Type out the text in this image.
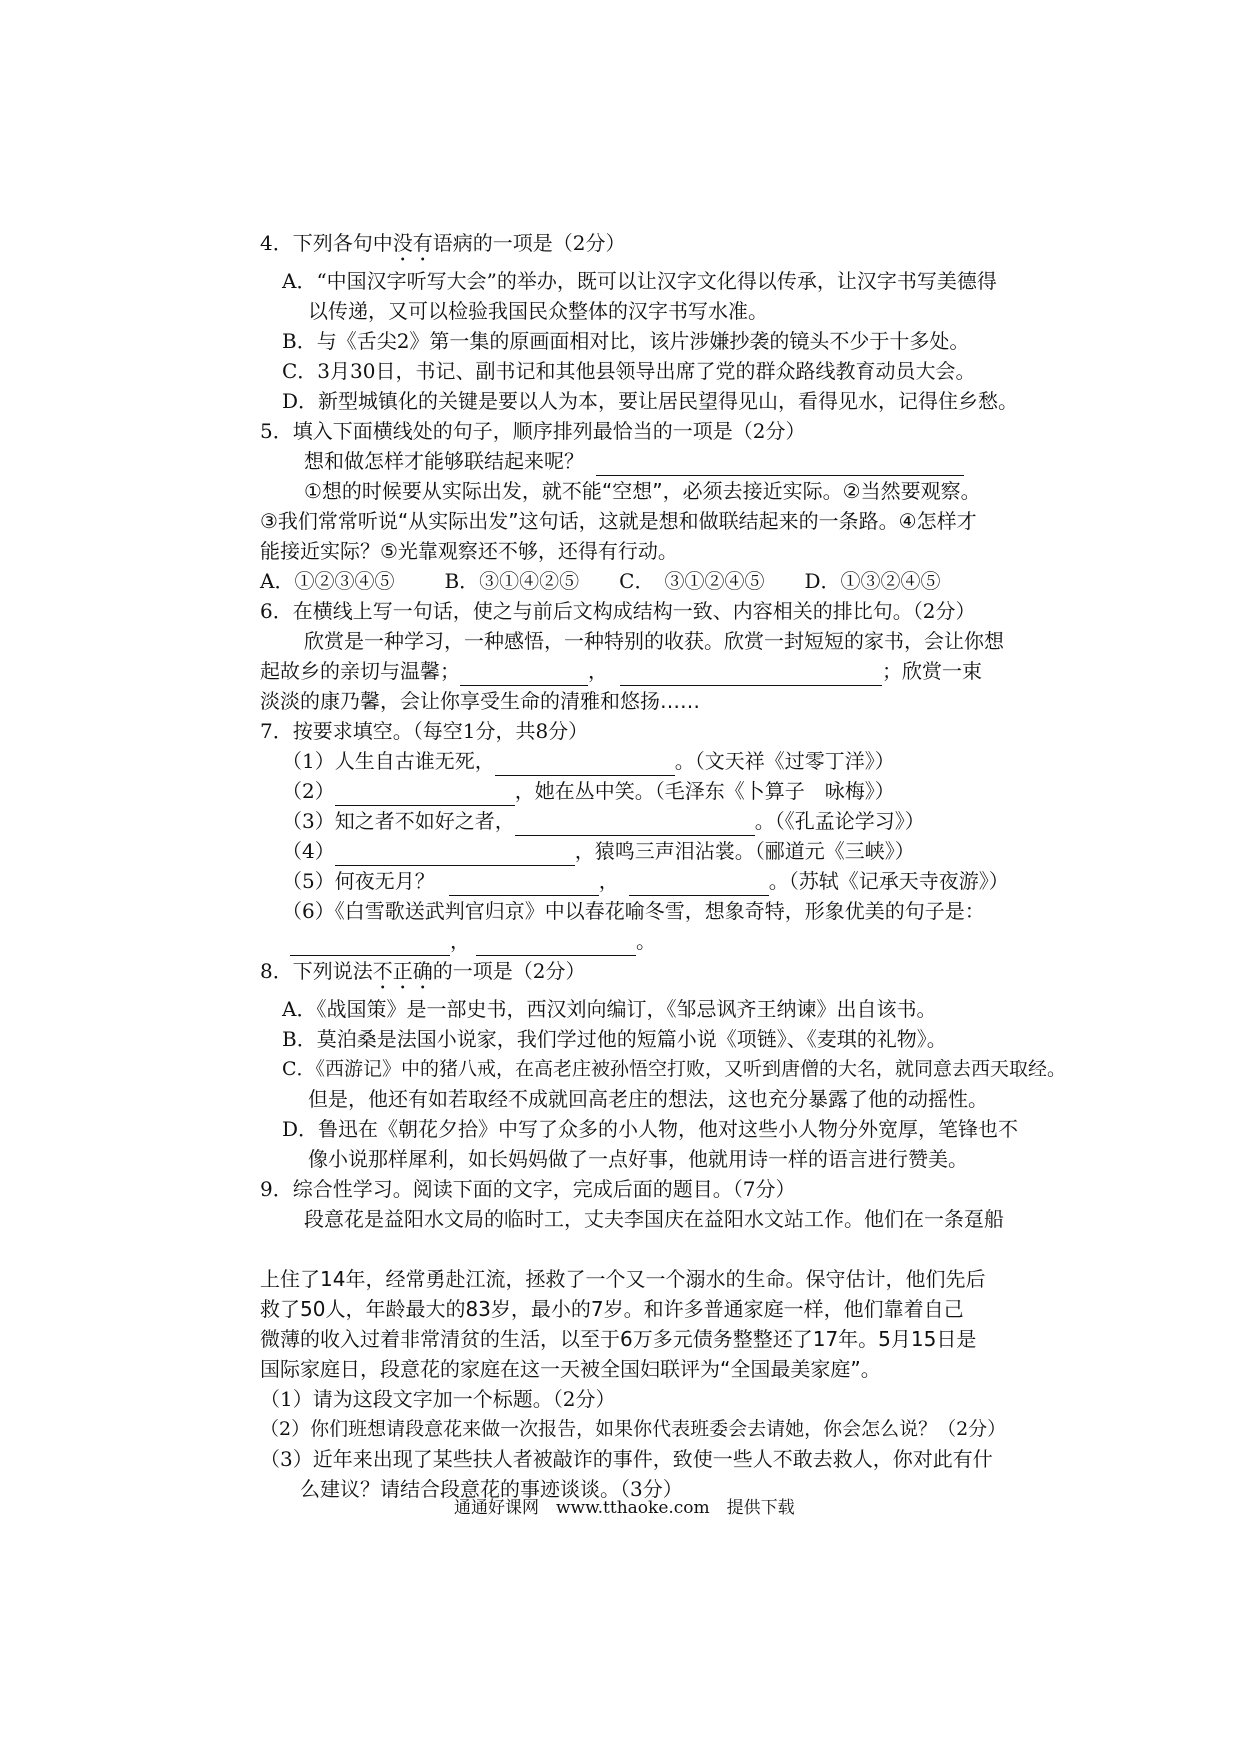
4．下列各句中没有语病的一项是（2分）
A．“中国汉字听写大会”的举办，既可以让汉字文化得以传承，让汉字书写美德得
以传递，又可以检验我国民众整体的汉字书写水准。
B．与《舌尖2》第一集的原画面相对比，该片涉嫌抄袭的镜头不少于十多处。
C．3月30日，书记、副书记和其他县领导出席了党的群众路线教育动员大会。
D．新型城镇化的关键是要以人为本，要让居民望得见山，看得见水，记得住乡愁。
5．填入下面横线处的句子，顺序排列最恰当的一项是（2分）
想和做怎样才能够联结起来呢？
①想的时候要从实际出发，就不能“空想”，必须去接近实际。②当然要观察。
③我们常常听说“从实际出发”这句话，这就是想和做联结起来的一条路。④怎样才
能接近实际？⑤光靠观察还不够，还得有行动。
A．①②③④⑤	B．③①④②⑤ C．　③①②④⑤ D．①③②④⑤
6．在横线上写一句话，使之与前后文构成结构一致、内容相关的排比句。（2分）
欣赏是一种学习，一种感悟，一种特别的收获。欣赏一封短短的家书，会让你想
起故乡的亲切与温馨；	，	；欣赏一束
淡淡的康乃馨，会让你享受生命的清雅和悠扬……
7．按要求填空。（每空1分，共8分）
（1）人生自古谁无死，	。（文天祥《过零丁洋》）
（2）	，她在丛中笑。（毛泽东《卜算子　咏梅》）
（3）知之者不如好之者，	。（《孔孟论学习》）
（4）	，猿鸣三声泪沾裳。（郦道元《三峡》）
（5）何夜无月？	，	。（苏轼《记承天寺夜游》）
（6）《白雪歌送武判官归京》中以春花喻冬雪，想象奇特，形象优美的句子是：
，	。
8．下列说法不正确的一项是（2分）
A．《战国策》是一部史书，西汉刘向编订，《邹忌讽齐王纳谏》出自该书。
B．莫泊桑是法国小说家，我们学过他的短篇小说《项链》、《麦琪的礼物》。
C．《西游记》中的猪八戒，在高老庄被孙悟空打败，又听到唐僧的大名，就同意去西天取经。
但是，他还有如若取经不成就回高老庄的想法，这也充分暴露了他的动摇性。
D．鲁迅在《朝花夕拾》中写了众多的小人物，他对这些小人物分外宽厚，笔锋也不
像小说那样犀利，如长妈妈做了一点好事，他就用诗一样的语言进行赞美。
9．综合性学习。阅读下面的文字，完成后面的题目。（7分）
段意花是益阳水文局的临时工，丈夫李国庆在益阳水文站工作。他们在一条趸船
上住了14年，经常勇赴江流，拯救了一个又一个溺水的生命。保守估计，他们先后
救了50人，年龄最大的83岁，最小的7岁。和许多普通家庭一样，他们靠着自己
微薄的收入过着非常清贫的生活，以至于6万多元债务整整还了17年。5月15日是
国际家庭日，段意花的家庭在这一天被全国妇联评为“全国最美家庭”。
（1）请为这段文字加一个标题。（2分）
（2）你们班想请段意花来做一次报告，如果你代表班委会去请她，你会怎么说？（2分）
（3）近年来出现了某些扶人者被敲诈的事件，致使一些人不敢去救人，你对此有什
么建议？请结合段意花的事迹谈谈。（3分）
通通好课网　www.tthaoke.com　提供下载
